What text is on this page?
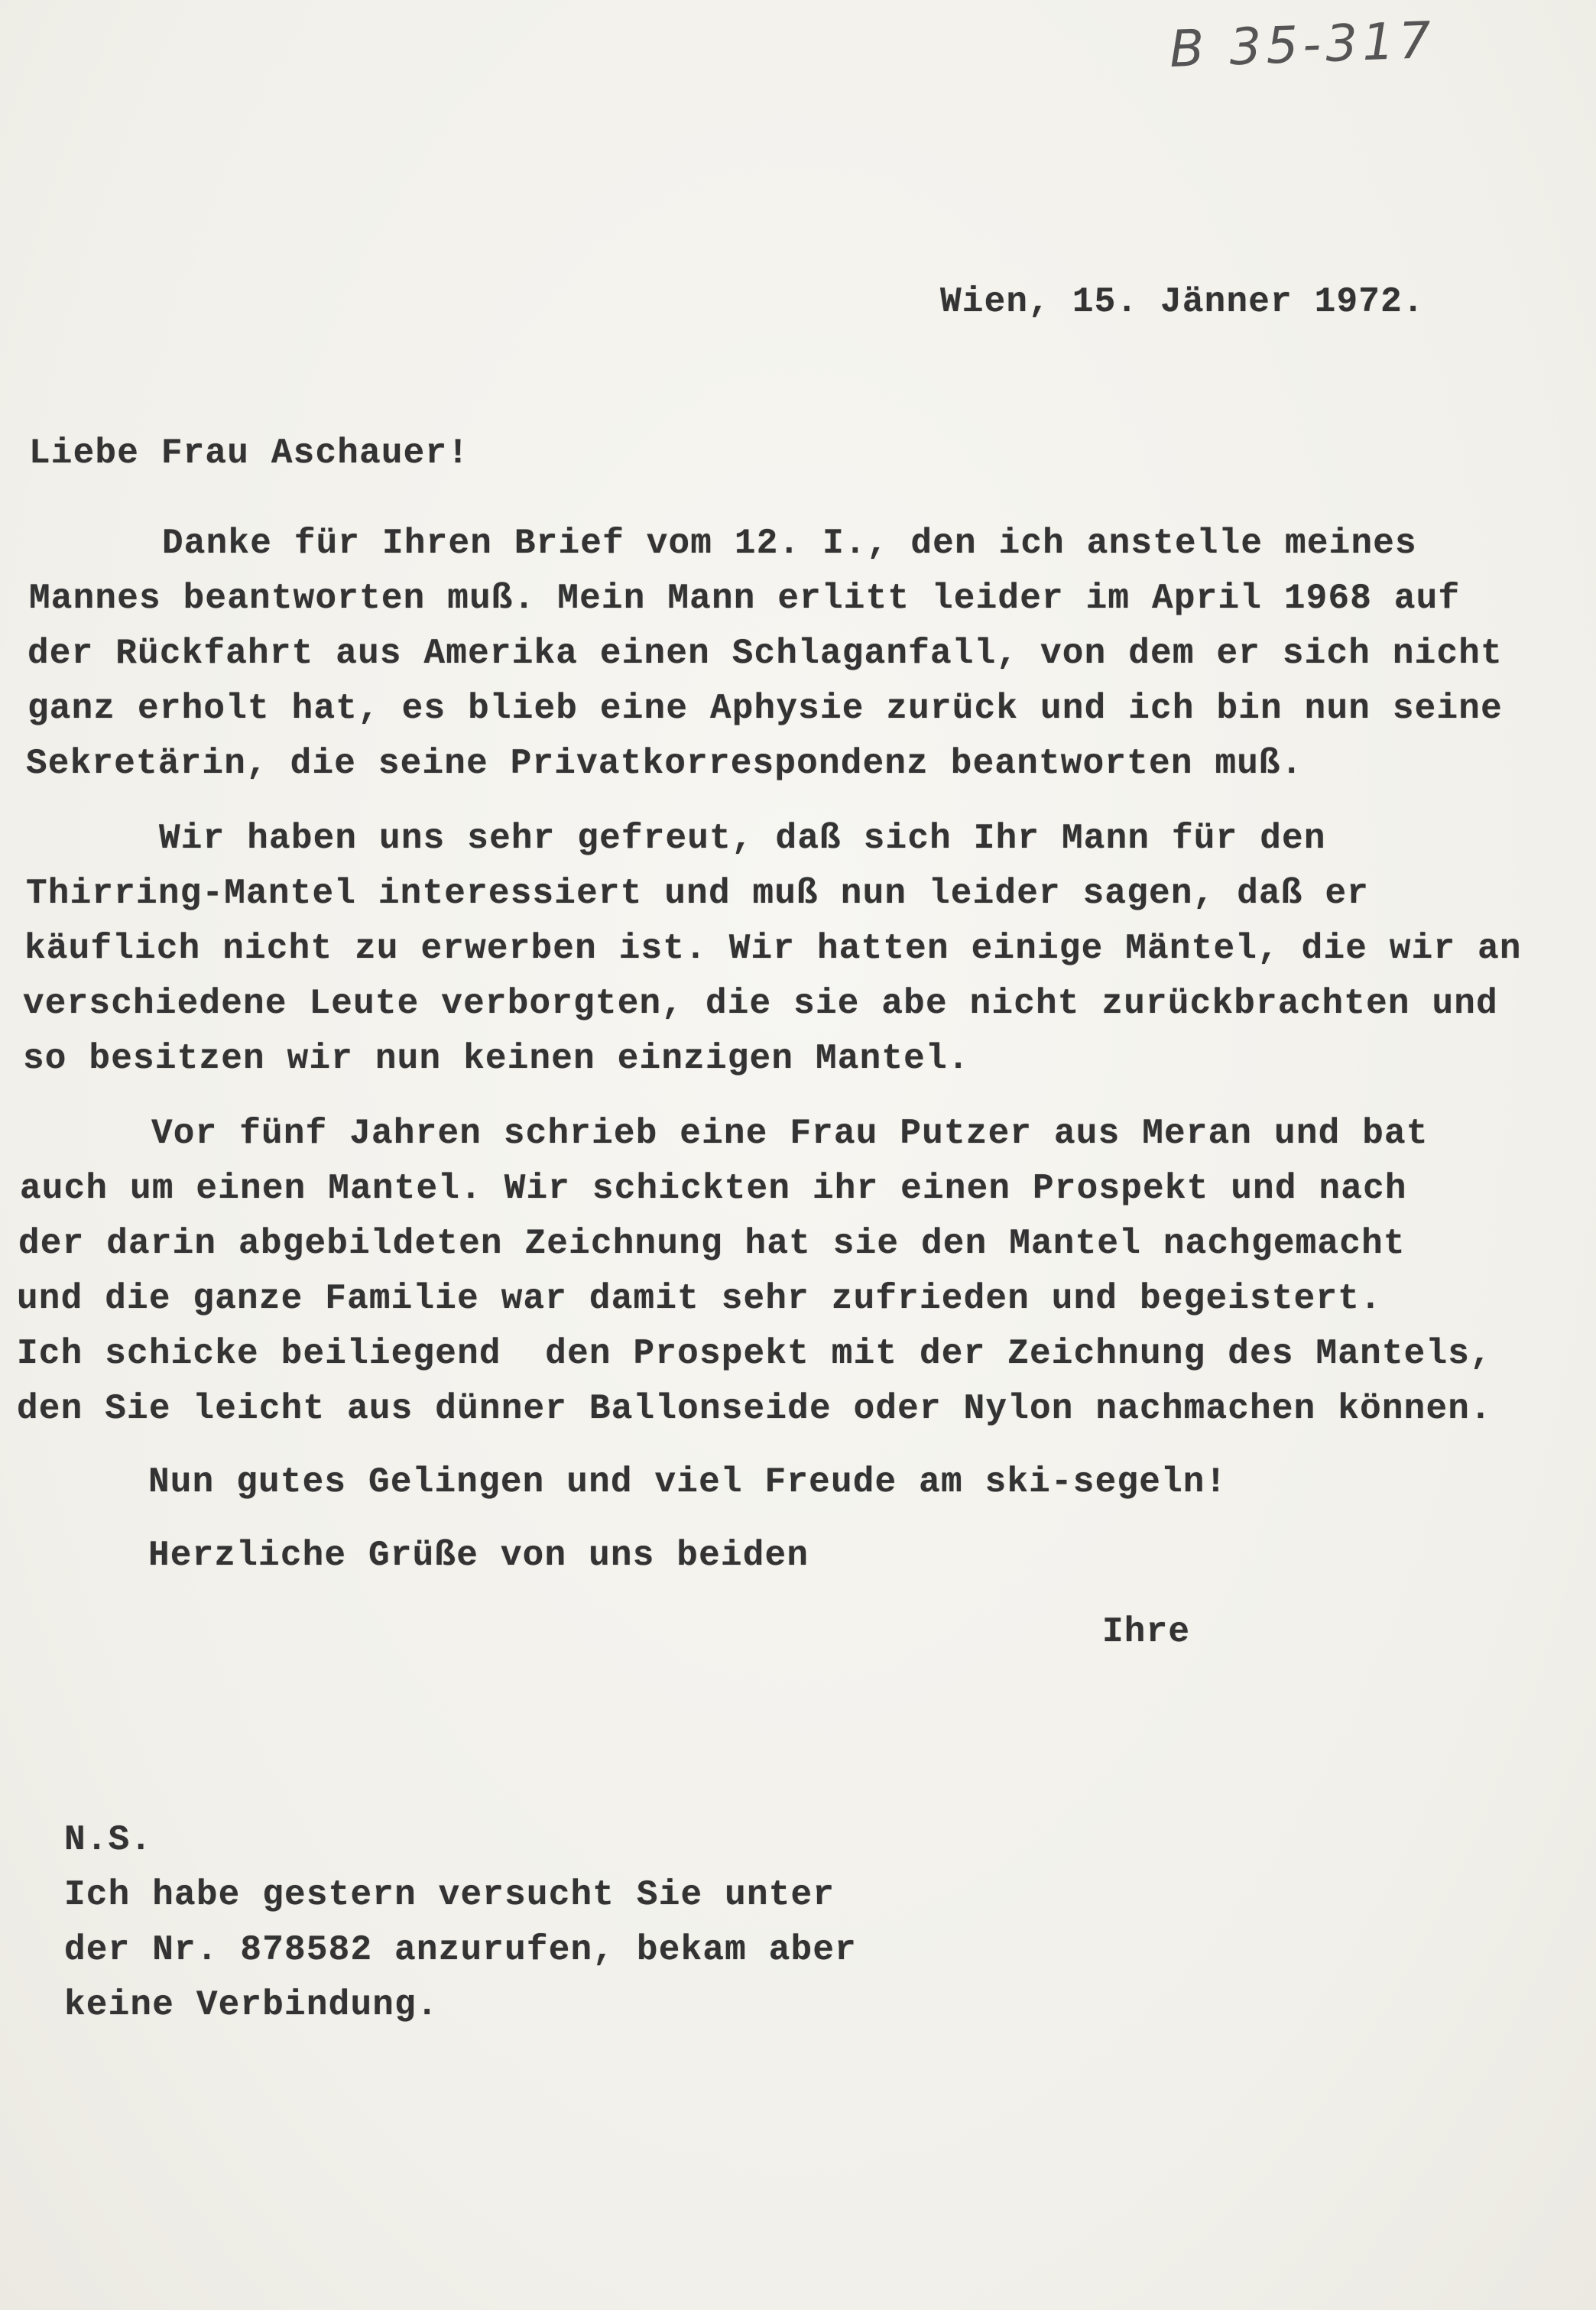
B 35-317
Wien, 15. Jänner 1972.
Liebe Frau Aschauer!
Danke für Ihren Brief vom 12. I., den ich anstelle meines
Mannes beantworten muß. Mein Mann erlitt leider im April 1968 auf
der Rückfahrt aus Amerika einen Schlaganfall, von dem er sich nicht
ganz erholt hat, es blieb eine Aphysie zurück und ich bin nun seine
Sekretärin, die seine Privatkorrespondenz beantworten muß.
Wir haben uns sehr gefreut, daß sich Ihr Mann für den
Thirring-Mantel interessiert und muß nun leider sagen, daß er
käuflich nicht zu erwerben ist. Wir hatten einige Mäntel, die wir an
verschiedene Leute verborgten, die sie abe nicht zurückbrachten und
so besitzen wir nun keinen einzigen Mantel.
Vor fünf Jahren schrieb eine Frau Putzer aus Meran und bat
auch um einen Mantel. Wir schickten ihr einen Prospekt und nach
der darin abgebildeten Zeichnung hat sie den Mantel nachgemacht
und die ganze Familie war damit sehr zufrieden und begeistert.
Ich schicke beiliegend  den Prospekt mit der Zeichnung des Mantels,
den Sie leicht aus dünner Ballonseide oder Nylon nachmachen können.
Nun gutes Gelingen und viel Freude am ski-segeln!
Herzliche Grüße von uns beiden
Ihre
N.S.
Ich habe gestern versucht Sie unter
der Nr. 878582 anzurufen, bekam aber
keine Verbindung.
